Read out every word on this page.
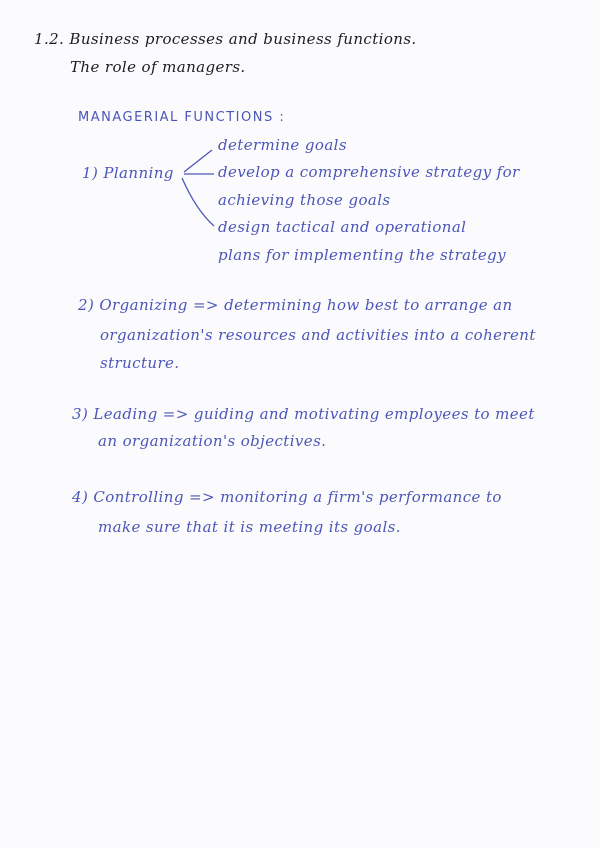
1.2. Business processes and business functions.
The role of managers.
MANAGERIAL FUNCTIONS :
1) Planning
determine goals
develop a comprehensive strategy for
achieving those goals
design tactical and operational
plans for implementing the strategy
2) Organizing => determining how best to arrange an
organization's resources and activities into a coherent
structure.
3) Leading => guiding and motivating employees to meet
an organization's objectives.
4) Controlling => monitoring a firm's performance to
make sure that it is meeting its goals.
